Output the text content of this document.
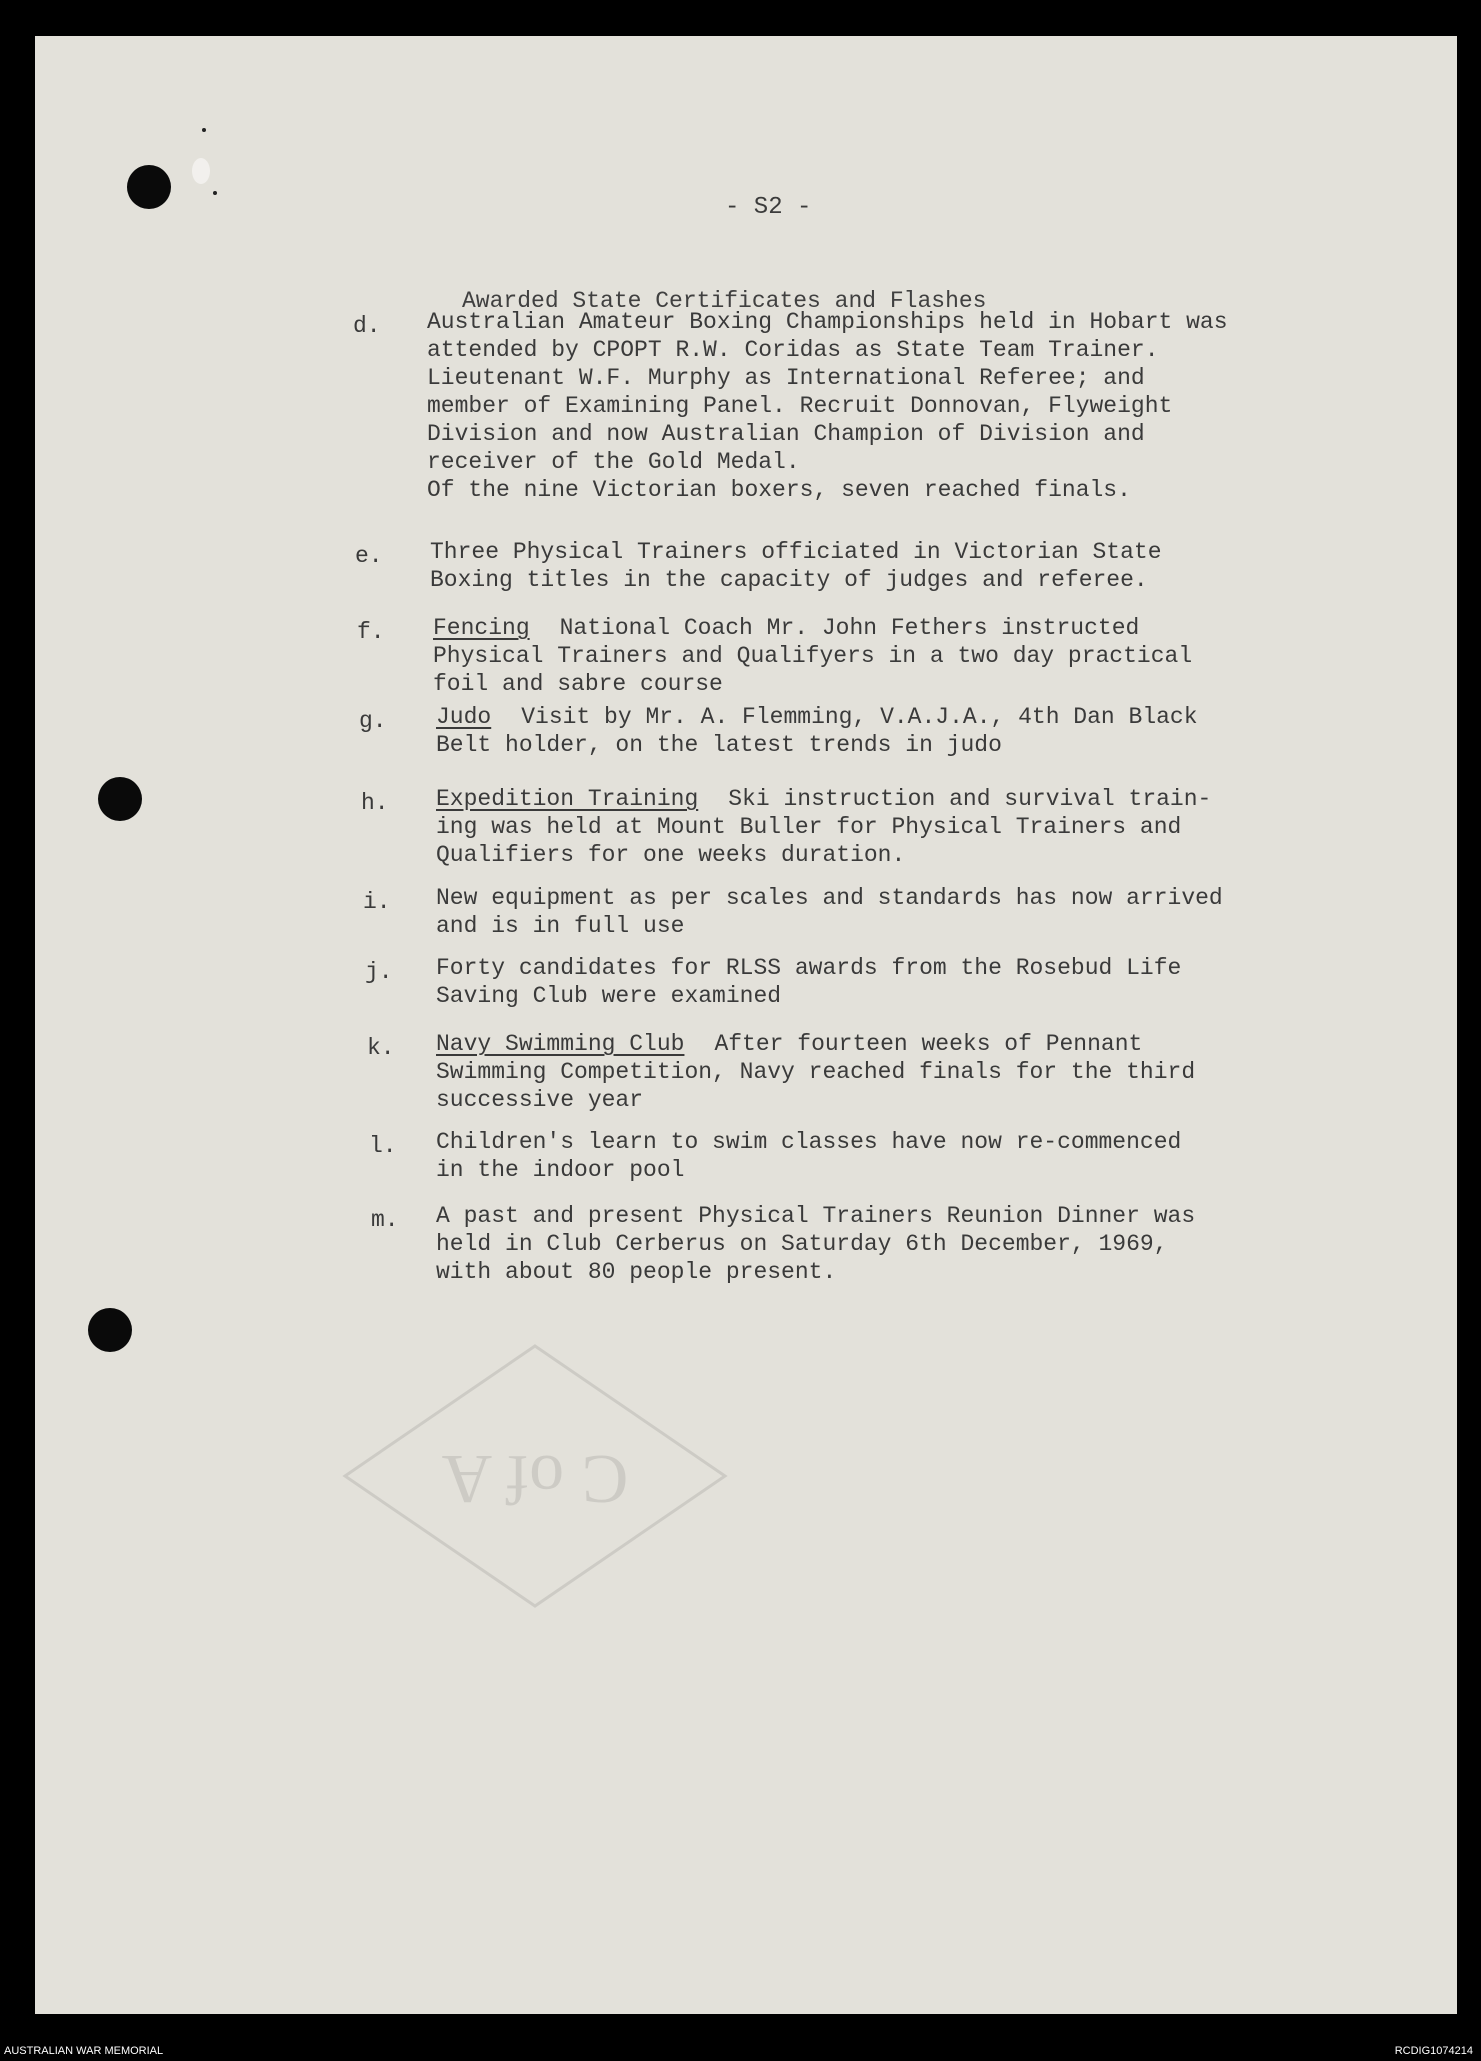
C of A
- S2 -
Awarded State Certificates and Flashes
d. Australian Amateur Boxing Championships held in Hobart was

attended by CPOPT R.W. Coridas as State Team Trainer.

Lieutenant W.F. Murphy as International Referee; and

member of Examining Panel. Recruit Donnovan, Flyweight

Division and now Australian Champion of Division and

receiver of the Gold Medal.

Of the nine Victorian boxers, seven reached finals.

e. Three Physical Trainers officiated in Victorian State

Boxing titles in the capacity of judges and referee.

f. Fencing National Coach Mr. John Fethers instructed

Physical Trainers and Qualifyers in a two day practical

foil and sabre course

g. Judo Visit by Mr. A. Flemming, V.A.J.A., 4th Dan Black

Belt holder, on the latest trends in judo

h. Expedition Training Ski instruction and survival train-

ing was held at Mount Buller for Physical Trainers and

Qualifiers for one weeks duration.

i. New equipment as per scales and standards has now arrived

and is in full use

j. Forty candidates for RLSS awards from the Rosebud Life

Saving Club were examined

k. Navy Swimming Club After fourteen weeks of Pennant

Swimming Competition, Navy reached finals for the third

successive year

l. Children's learn to swim classes have now re-commenced

in the indoor pool

m. A past and present Physical Trainers Reunion Dinner was

held in Club Cerberus on Saturday 6th December, 1969,

with about 80 people present.

AUSTRALIAN WAR MEMORIAL	RCDIG1074214
